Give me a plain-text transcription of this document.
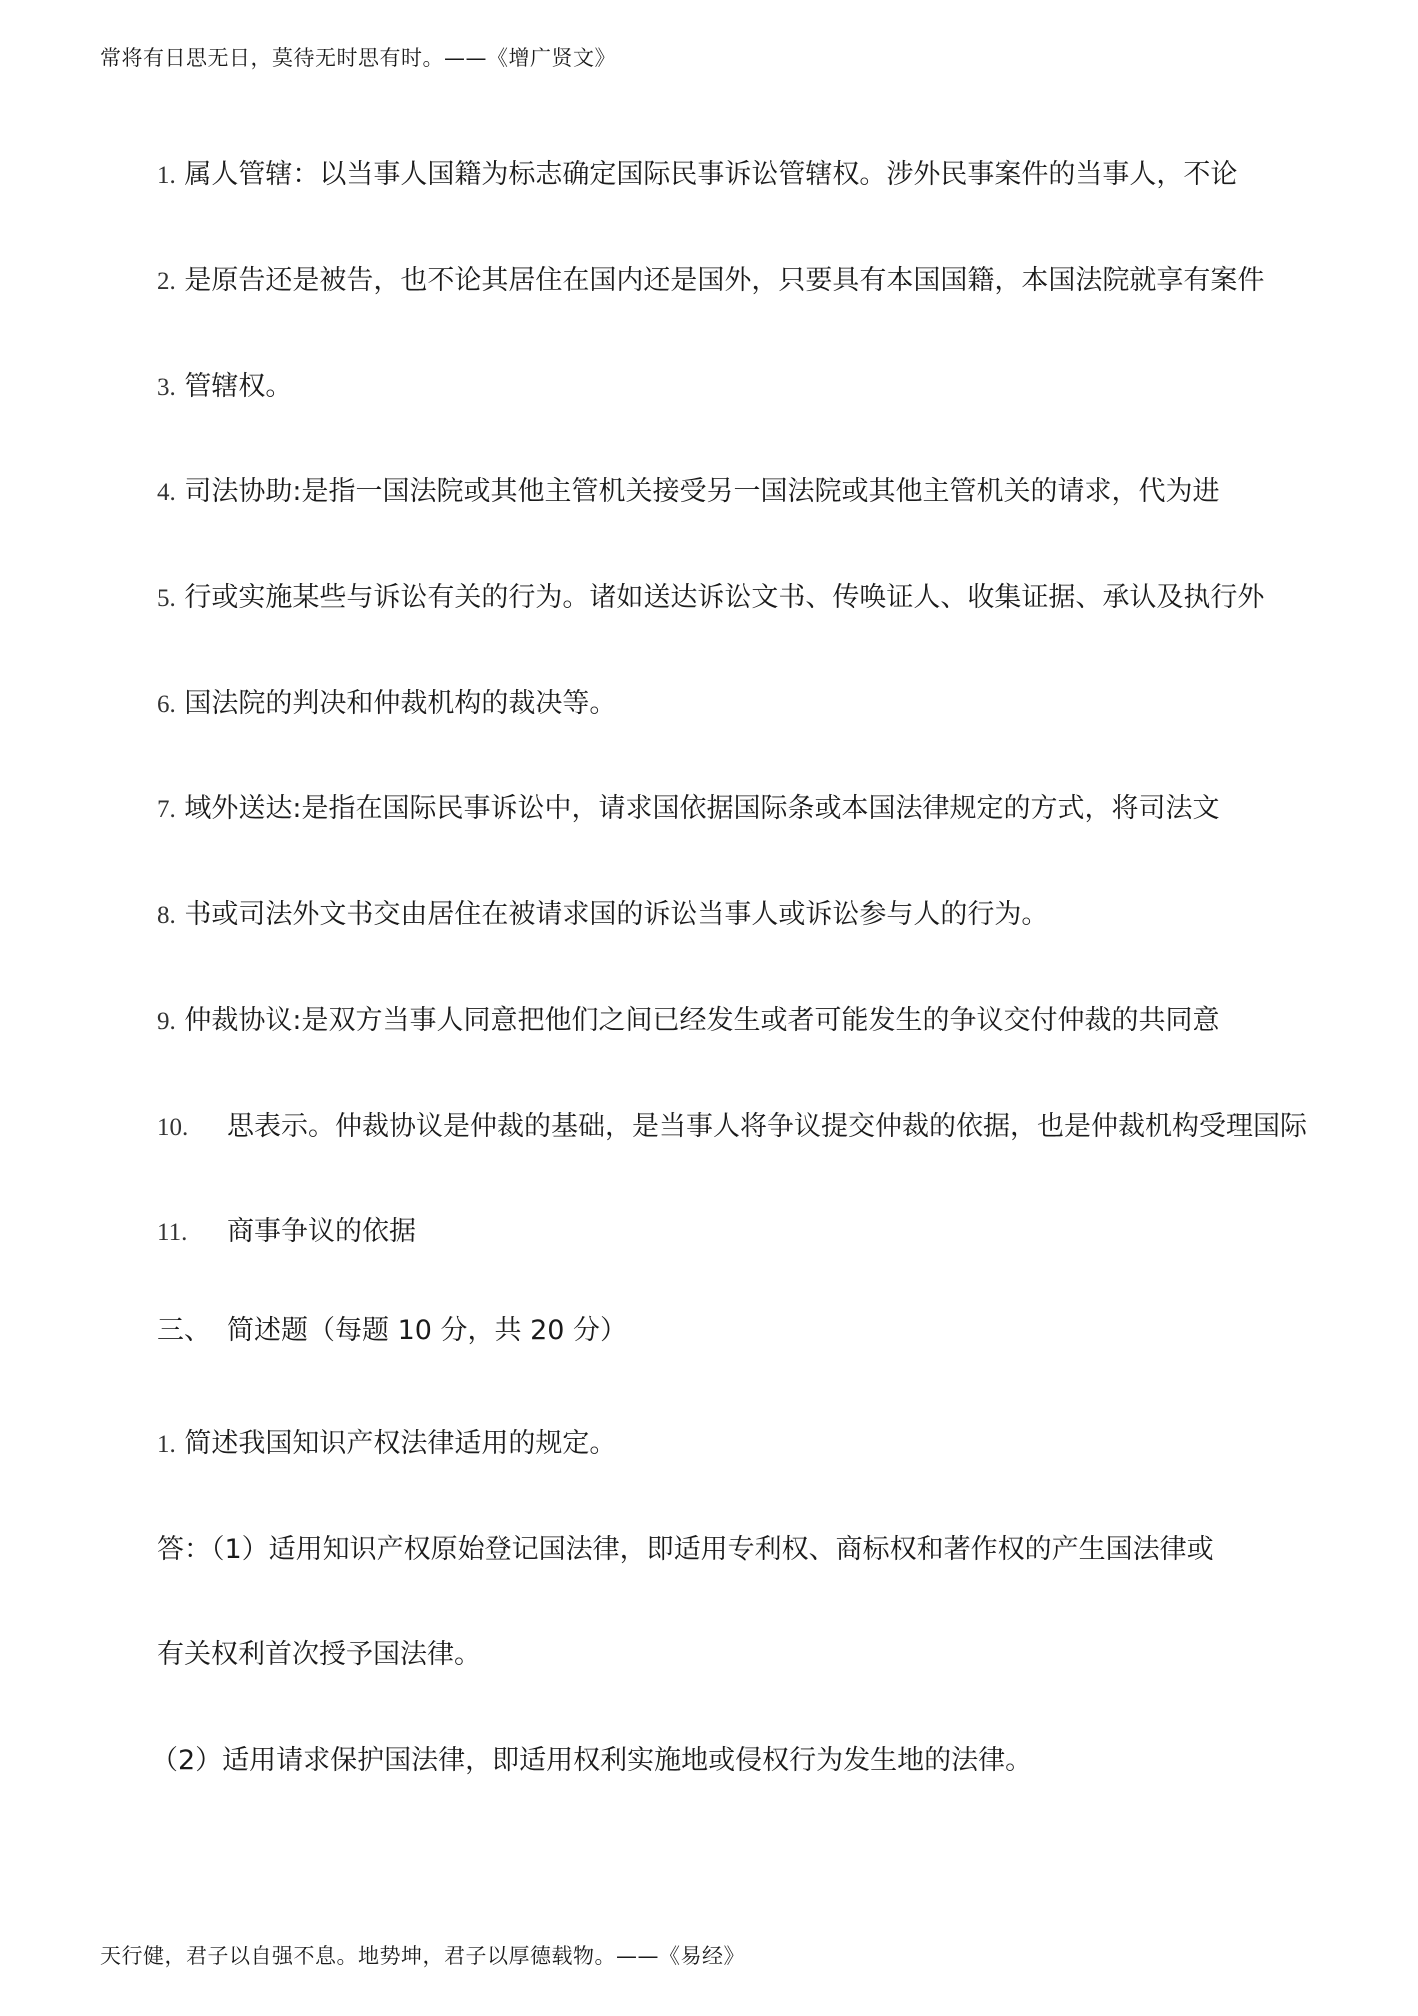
常将有日思无日，莫待无时思有时。——《增广贤文》
1. 属人管辖：以当事人国籍为标志确定国际民事诉讼管辖权。涉外民事案件的当事人，不论
2. 是原告还是被告，也不论其居住在国内还是国外，只要具有本国国籍，本国法院就享有案件
3. 管辖权。
4. 司法协助:是指一国法院或其他主管机关接受另一国法院或其他主管机关的请求，代为进
5. 行或实施某些与诉讼有关的行为。诸如送达诉讼文书、传唤证人、收集证据、承认及执行外
6. 国法院的判决和仲裁机构的裁决等。
7. 域外送达:是指在国际民事诉讼中，请求国依据国际条或本国法律规定的方式，将司法文
8. 书或司法外文书交由居住在被请求国的诉讼当事人或诉讼参与人的行为。
9. 仲裁协议:是双方当事人同意把他们之间已经发生或者可能发生的争议交付仲裁的共同意
10. 思表示。仲裁协议是仲裁的基础，是当事人将争议提交仲裁的依据，也是仲裁机构受理国际
11. 商事争议的依据
三、 简述题（每题 10 分，共 20 分）
1. 简述我国知识产权法律适用的规定。
答：（1）适用知识产权原始登记国法律，即适用专利权、商标权和著作权的产生国法律或
有关权利首次授予国法律。
（2）适用请求保护国法律，即适用权利实施地或侵权行为发生地的法律。
天行健，君子以自强不息。地势坤，君子以厚德载物。——《易经》
